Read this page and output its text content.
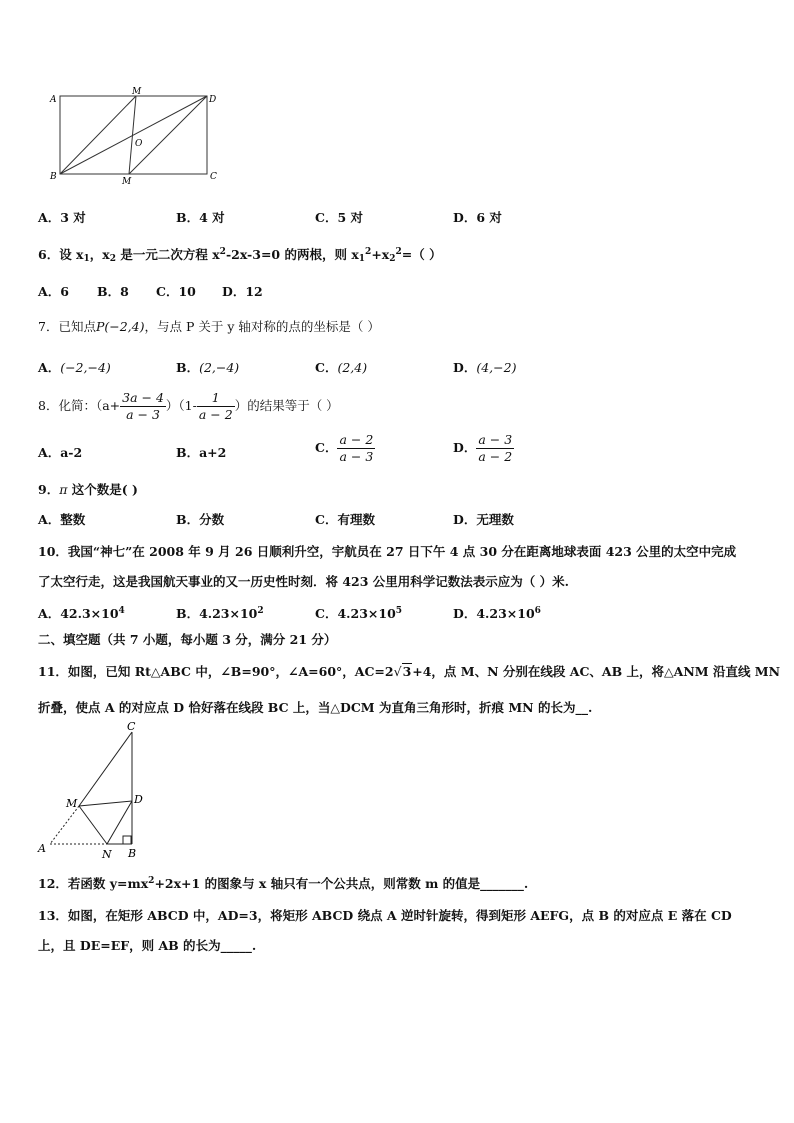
A
M
D
O
B	M	C
A．3 对	B．4 对	C．5 对	D．6 对
6．设 $x_1$，$x_2$ 是一元二次方程 $x^2-2x-3=0$ 的两根，则 $x_1^2+x_2^2=$（ ）
A．6 B．8 C．10 D．12
7．已知点P(−2,4)，与点 P 关于 y 轴对称的点的坐标是（ ）
A．(−2,−4)	B．(2,−4)	C．(2,4)	D．(4,−2)
8．化简：$(a+ \frac{3a - 4}{a - 3} )(1- \frac{1}{a - 2}$ ）的结果等于（ ）
A．a-2	B．a+2	C． $\frac{a - 2}{a - 3}$	D． $\frac{a - 3}{a - 2}$
9．π 这个数是( )
A．整数	B．分数	C．有理数	D．无理数
10．我国“神七”在 2008 年 9 月 26 日顺利升空，宇航员在 27 日下午 4 点 30 分在距离地球表面 423 公里的太空中完成
了太空行走，这是我国航天事业的又一历史性时刻．将 423 公里用科学记数法表示应为（ ）米.
A．$42.3\times 10^4$	B．$4.23\times 10^2$	C．$4.23\times 10^5$	D．$4.23\times 10^6$
二、填空题（共 7 小题，每小题 3 分，满分 21 分）
11．如图，已知 Rt△ABC 中，∠B=90°，∠A=60°，AC=2√3+4，点 M、N 分别在线段 AC、AB 上，将△ANM 沿直线 MN
折叠，使点 A 的对应点 D 恰好落在线段 BC 上，当△DCM 为直角三角形时，折痕 MN 的长为__.
C
M	D
A	N B
12．若函数 $y=mx^2+2x+1$ 的图象与 x 轴只有一个公共点，则常数 m 的值是_______.
13．如图，在矩形 ABCD 中，AD=3，将矩形 ABCD 绕点 A 逆时针旋转，得到矩形 AEFG，点 B 的对应点 E 落在 CD
上，且 DE=EF，则 AB 的长为_____.
